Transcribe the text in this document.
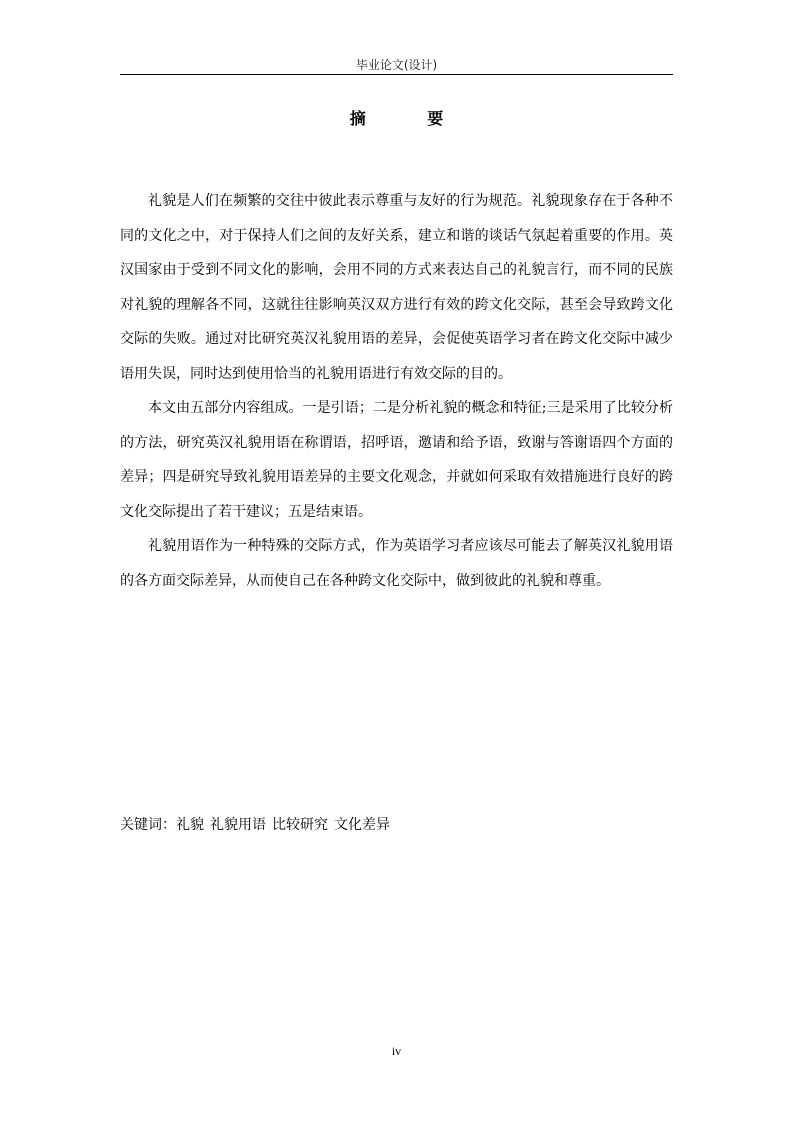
毕业论文(设计)
摘 要

礼貌是人们在频繁的交往中彼此表示尊重与友好的行为规范。礼貌现象存在于各种不同的文化之中，对于保持人们之间的友好关系，建立和谐的谈话气氛起着重要的作用。英汉国家由于受到不同文化的影响，会用不同的方式来表达自己的礼貌言行，而不同的民族对礼貌的理解各不同，这就往往影响英汉双方进行有效的跨文化交际，甚至会导致跨文化交际的失败。通过对比研究英汉礼貌用语的差异，会促使英语学习者在跨文化交际中减少语用失误，同时达到使用恰当的礼貌用语进行有效交际的目的。

本文由五部分内容组成。一是引语；二是分析礼貌的概念和特征;三是采用了比较分析的方法，研究英汉礼貌用语在称谓语，招呼语，邀请和给予语，致谢与答谢语四个方面的差异；四是研究导致礼貌用语差异的主要文化观念，并就如何采取有效措施进行良好的跨文化交际提出了若干建议；五是结束语。

礼貌用语作为一种特殊的交际方式，作为英语学习者应该尽可能去了解英汉礼貌用语的各方面交际差异，从而使自己在各种跨文化交际中，做到彼此的礼貌和尊重。

关键词：礼貌 礼貌用语 比较研究 文化差异
iv
